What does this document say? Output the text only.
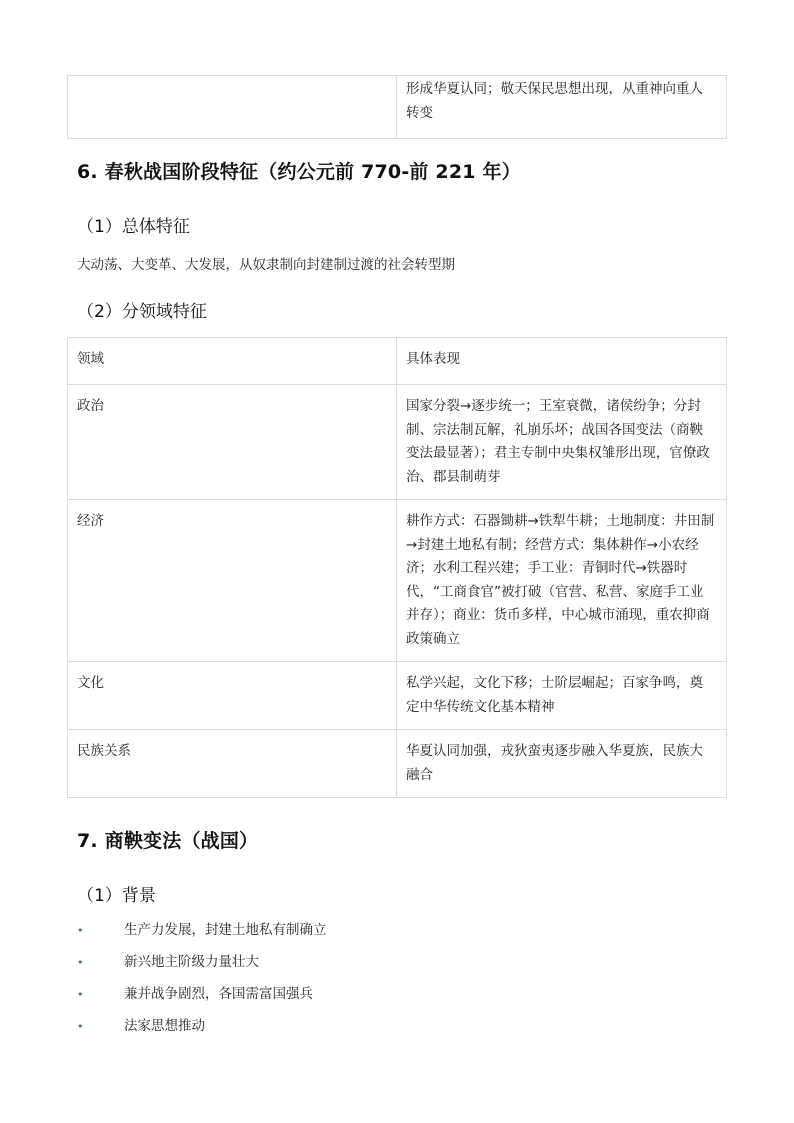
	形成华夏认同；敬天保民思想出现，从重神向重人转变
6. 春秋战国阶段特征（约公元前 770-前 221 年）
（1）总体特征

大动荡、大变革、大发展，从奴隶制向封建制过渡的社会转型期

（2）分领域特征
领域	具体表现
政治	国家分裂→逐步统一；王室衰微，诸侯纷争；分封制、宗法制瓦解，礼崩乐坏；战国各国变法（商鞅变法最显著）；君主专制中央集权雏形出现，官僚政治、郡县制萌芽
经济	耕作方式：石器锄耕→铁犁牛耕；土地制度：井田制→封建土地私有制；经营方式：集体耕作→小农经济；水利工程兴建；手工业：青铜时代→铁器时代，“工商食官”被打破（官营、私营、家庭手工业并存）；商业：货币多样，中心城市涌现，重农抑商政策确立
文化	私学兴起，文化下移；士阶层崛起；百家争鸣，奠定中华传统文化基本精神
民族关系	华夏认同加强，戎狄蛮夷逐步融入华夏族，民族大融合
7. 商鞅变法（战国）
（1）背景
•	生产力发展，封建土地私有制确立
•	新兴地主阶级力量壮大
•	兼并战争剧烈，各国需富国强兵
•	法家思想推动
